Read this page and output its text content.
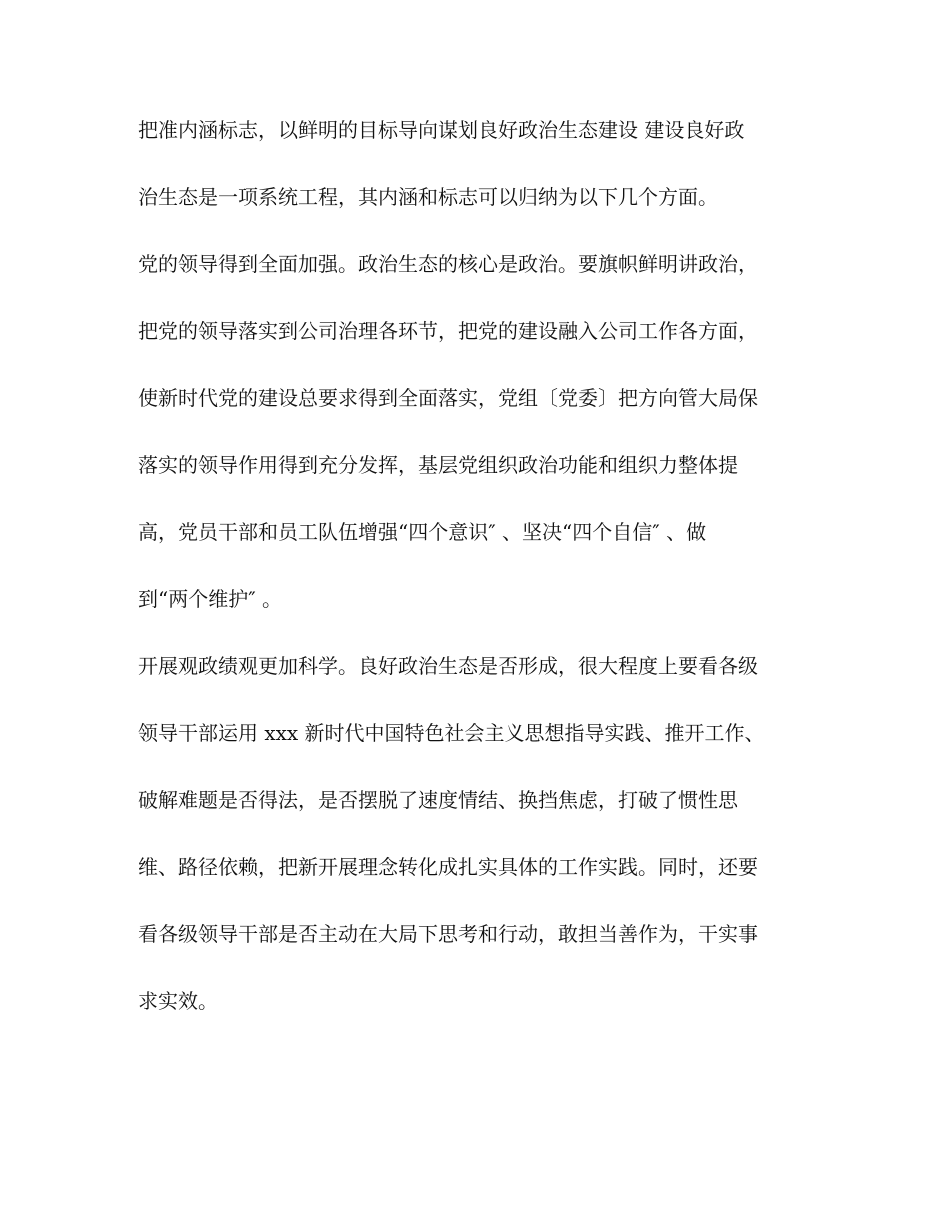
把准内涵标志，以鲜明的目标导向谋划良好政治生态建设 建设良好政
治生态是一项系统工程，其内涵和标志可以归纳为以下几个方面。
党的领导得到全面加强。政治生态的核心是政治。要旗帜鲜明讲政治，
把党的领导落实到公司治理各环节，把党的建设融入公司工作各方面，
使新时代党的建设总要求得到全面落实，党组〔党委〕把方向管大局保
落实的领导作用得到充分发挥，基层党组织政治功能和组织力整体提
高，党员干部和员工队伍增强“四个意识″ 、坚决“四个自信″ 、做
到“两个维护″ 。
开展观政绩观更加科学。良好政治生态是否形成，很大程度上要看各级
领导干部运用 xxx 新时代中国特色社会主义思想指导实践、推开工作、
破解难题是否得法，是否摆脱了速度情结、换挡焦虑，打破了惯性思
维、路径依赖，把新开展理念转化成扎实具体的工作实践。同时，还要
看各级领导干部是否主动在大局下思考和行动，敢担当善作为，干实事
求实效。
